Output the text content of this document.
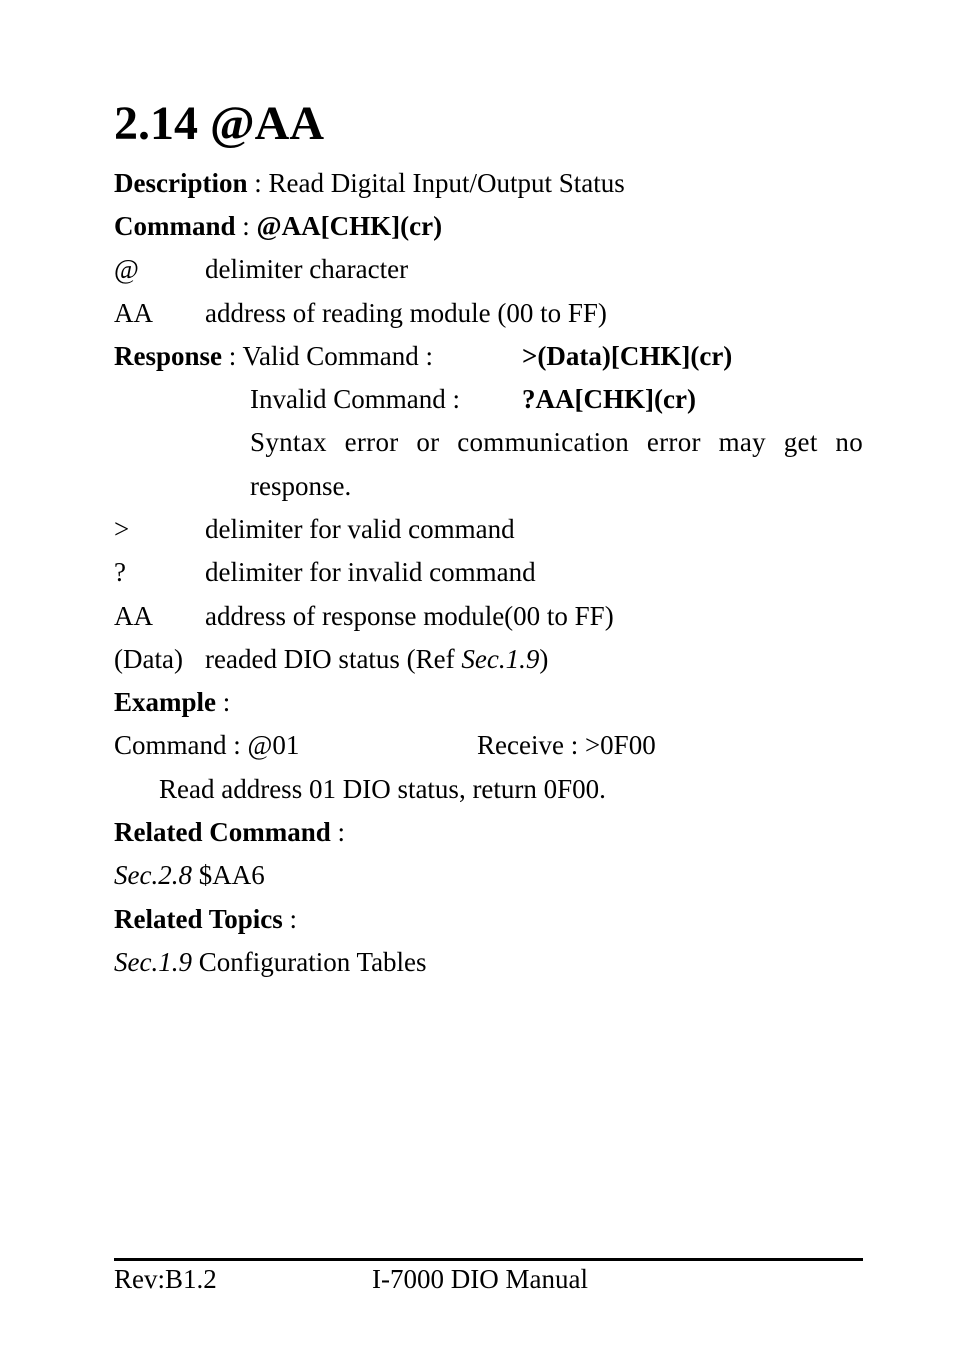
2.14 @AA
Description : Read Digital Input/Output Status
Command : @AA[CHK](cr)
@ delimiter character
AA address of reading module (00 to FF)
Response : Valid Command :	>(Data)[CHK](cr)
Invalid Command : ?AA[CHK](cr)
Syntax error or communication error may get no
response.
>	delimiter for valid command
?	delimiter for invalid command
AA address of response module(00 to FF)
(Data) readed DIO status (Ref Sec.1.9)
Example :
Command : @01	Receive : >0F00
Read address 01 DIO status, return 0F00.
Related Command :
Sec.2.8 $AA6
Related Topics :
Sec.1.9 Configuration Tables
Rev:B1.2	I-7000 DIO Manual
